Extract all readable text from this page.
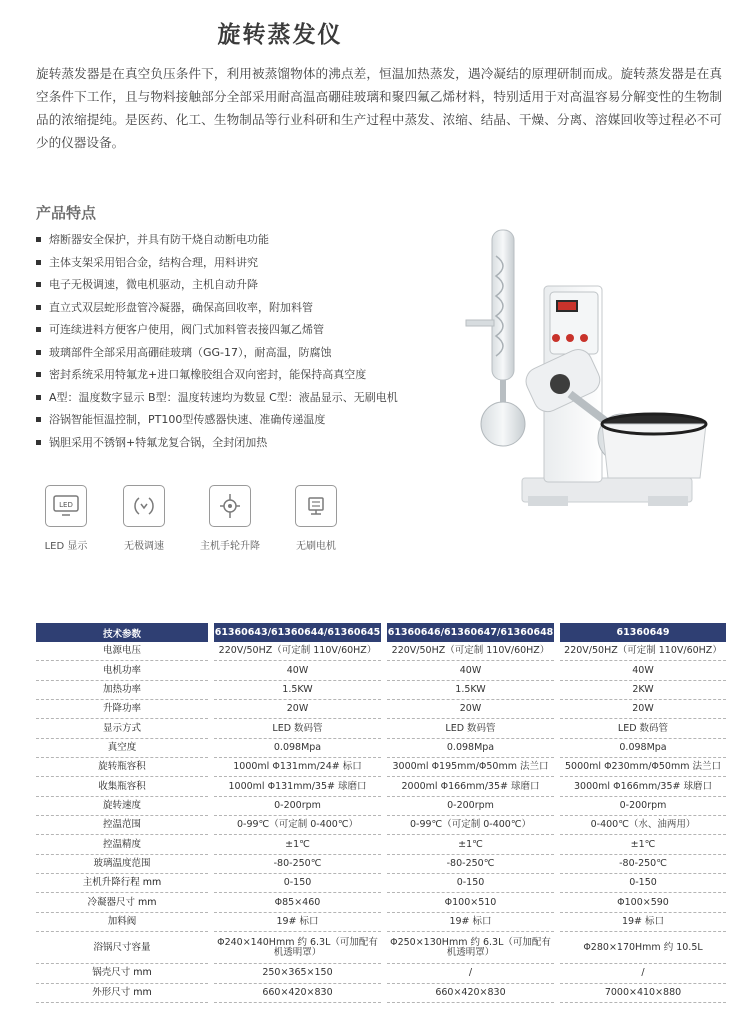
旋转蒸发仪

旋转蒸发器是在真空负压条件下，利用被蒸馏物体的沸点差，恒温加热蒸发，遇冷凝结的原理研制而成。旋转蒸发器是在真空条件下工作，且与物料接触部分全部采用耐高温高硼硅玻璃和聚四氟乙烯材料，特别适用于对高温容易分解变性的生物制品的浓缩提纯。是医药、化工、生物制品等行业科研和生产过程中蒸发、浓缩、结晶、干燥、分离、溶媒回收等过程必不可少的仪器设备。

产品特点
熔断器安全保护，并具有防干烧自动断电功能
主体支架采用铝合金，结构合理，用料讲究
电子无极调速，微电机驱动，主机自动升降
直立式双层蛇形盘管冷凝器，确保高回收率，附加料管
可连续进料方便客户使用，阀门式加料管表接四氟乙烯管
玻璃部件全部采用高硼硅玻璃（GG-17），耐高温，防腐蚀
密封系统采用特氟龙+进口氟橡胶组合双向密封，能保持高真空度
A型：温度数字显示 B型：温度转速均为数显 C型：液晶显示、无刷电机
浴锅智能恒温控制，PT100型传感器快速、准确传递温度
锅胆采用不锈钢+特氟龙复合锅，全封闭加热
LED
LED 显示	无极调速	主机手轮升降	无刷电机
技术参数	61360643/61360644/61360645	61360646/61360647/61360648	61360649
电源电压	220V/50HZ（可定制 110V/60HZ）	220V/50HZ（可定制 110V/60HZ）	220V/50HZ（可定制 110V/60HZ）
电机功率	40W	40W	40W
加热功率	1.5KW	1.5KW	2KW
升降功率	20W	20W	20W
显示方式	LED 数码管	LED 数码管	LED 数码管
真空度	0.098Mpa	0.098Mpa	0.098Mpa
旋转瓶容积	1000ml Φ131mm/24# 标口	3000ml Φ195mm/Φ50mm 法兰口	5000ml Φ230mm/Φ50mm 法兰口
收集瓶容积	1000ml Φ131mm/35# 球磨口	2000ml Φ166mm/35# 球磨口	3000ml Φ166mm/35# 球磨口
旋转速度	0-200rpm	0-200rpm	0-200rpm
控温范围	0-99℃（可定制 0-400℃）	0-99℃（可定制 0-400℃）	0-400℃（水、油两用）
控温精度	±1℃	±1℃	±1℃
玻璃温度范围	-80-250℃	-80-250℃	-80-250℃
主机升降行程 mm	0-150	0-150	0-150
冷凝器尺寸 mm	Φ85×460	Φ100×510	Φ100×590
加料阀	19# 标口	19# 标口	19# 标口
浴锅尺寸容量	Φ240×140Hmm 约 6.3L（可加配有机透明罩）	Φ250×130Hmm 约 6.3L（可加配有机透明罩）	Φ280×170Hmm 约 10.5L
锅壳尺寸 mm	250×365×150	/	/
外形尺寸 mm	660×420×830	660×420×830	7000×410×880
